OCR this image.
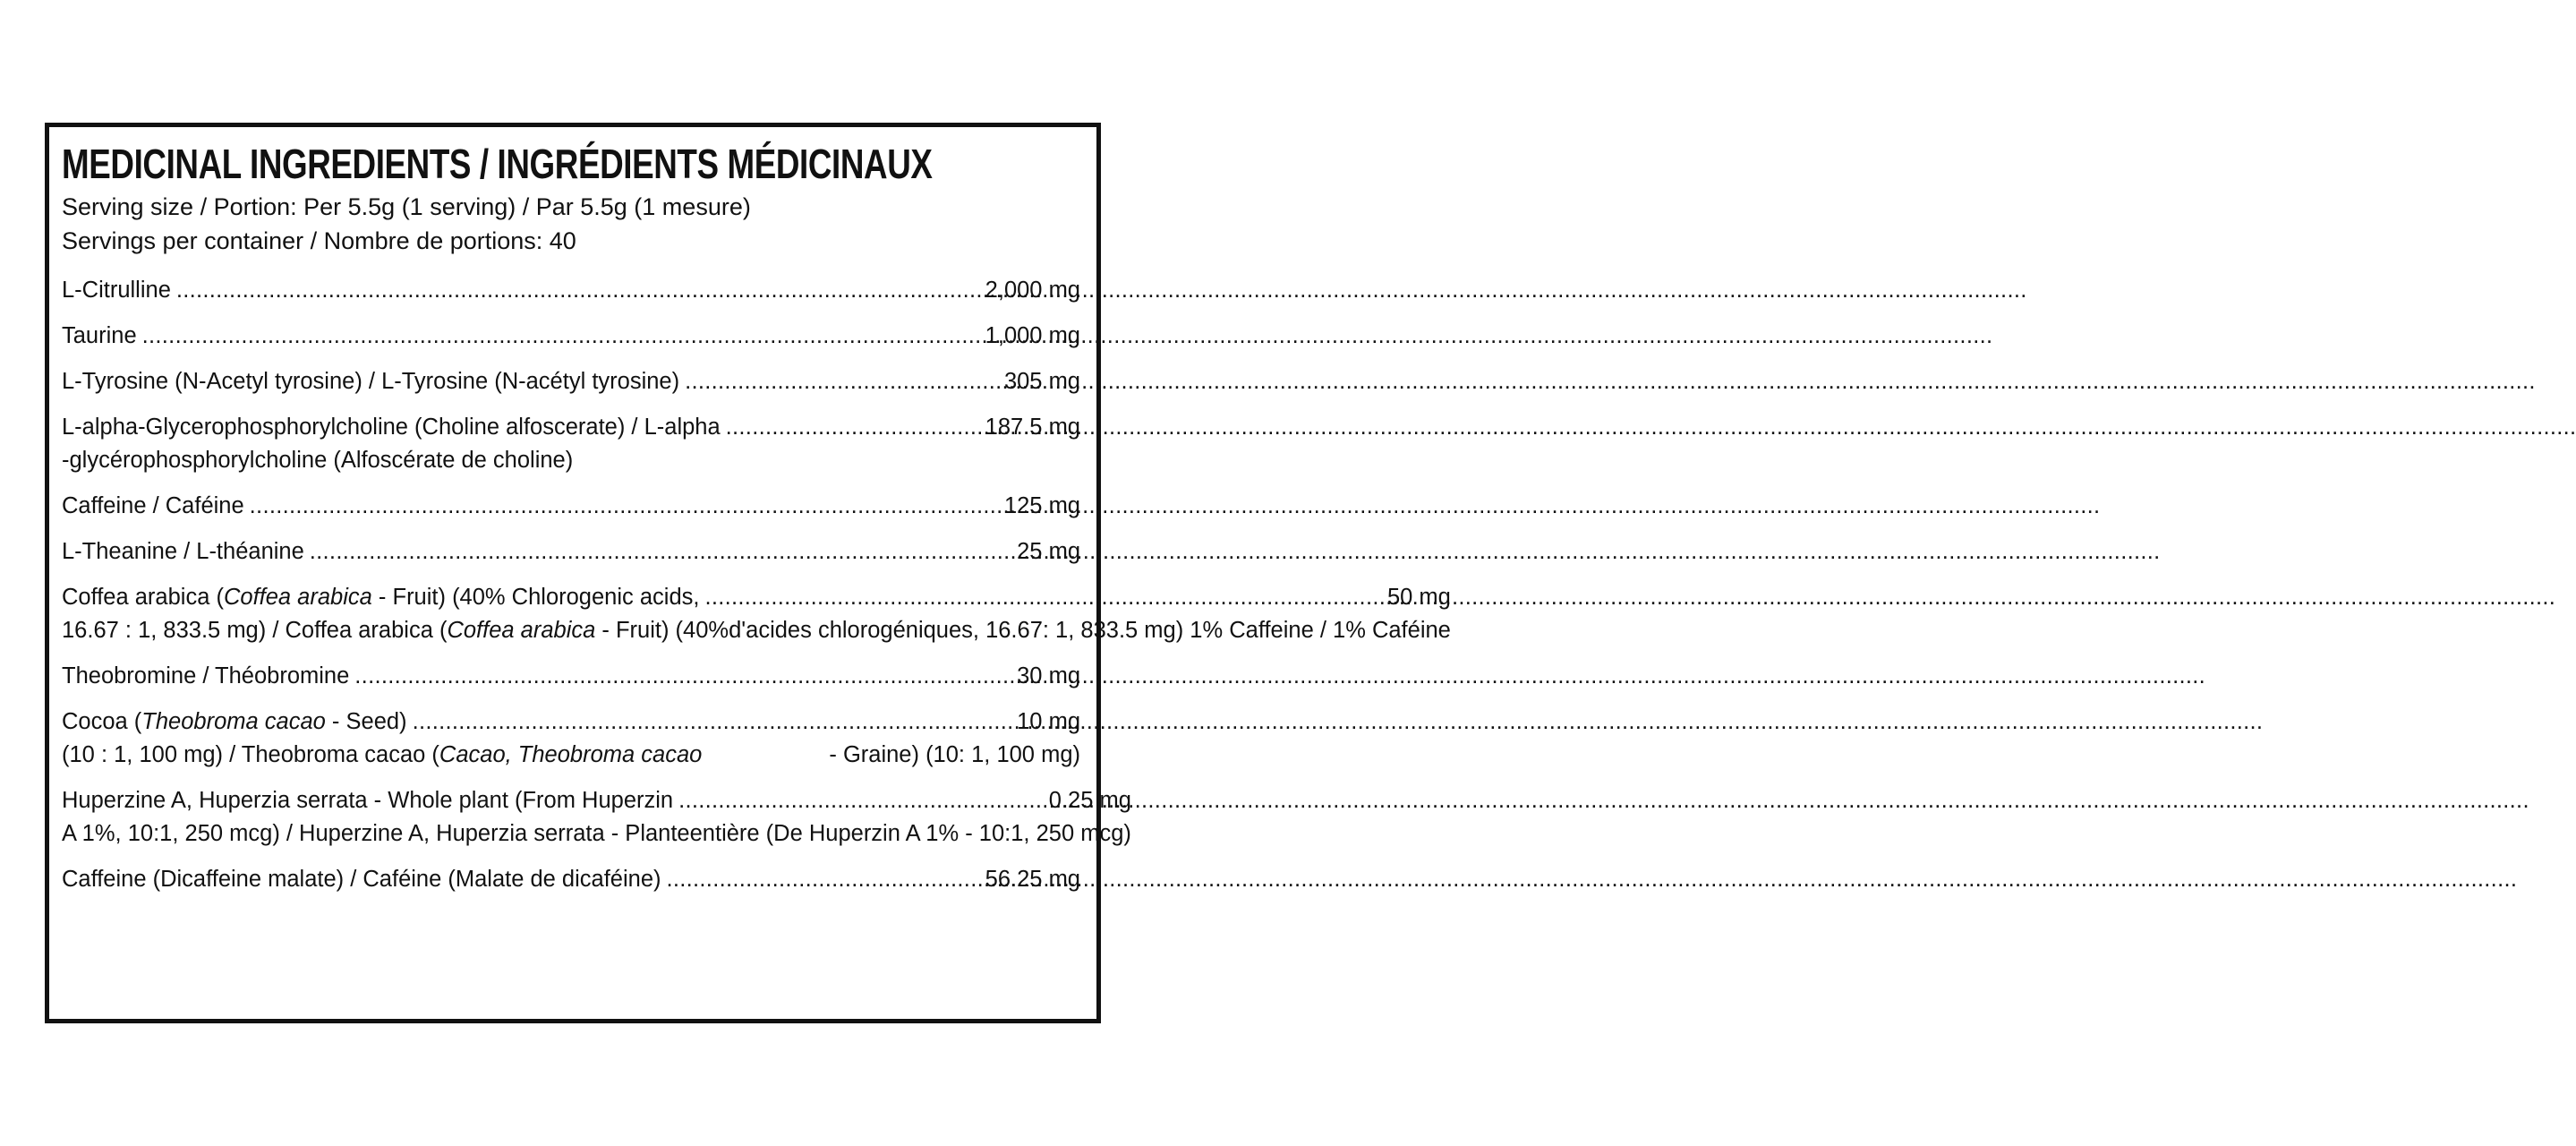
MEDICINAL INGREDIENTS / INGRÉDIENTS MÉDICINAUX
Serving size / Portion: Per 5.5g (1 serving) / Par 5.5g (1 mesure)
Servings per container / Nombre de portions: 40
L-Citrulline .....	2,000 mg
Taurine .....	1,000 mg
L-Tyrosine (N-Acetyl tyrosine) / L-Tyrosine (N-acétyl tyrosine) .....	305 mg
L-alpha-Glycerophosphorylcholine (Choline alfoscerate) / L-alpha .....	187.5 mg
-glycérophosphorylcholine (Alfoscérate de choline)
Caffeine / Caféine .....	125 mg
L-Theanine / L-théanine .....	25 mg
Coffea arabica (Coffea arabica - Fruit) (40% Chlorogenic acids, .....	50 mg
16.67 : 1, 833.5 mg) / Coffea arabica (Coffea arabica - Fruit) (40% d'acides chlorogéniques, 16.67: 1, 833.5 mg) 1% Caffeine / 1% Caféine
Theobromine / Théobromine .....	30 mg
Cocoa (Theobroma cacao - Seed) .....	10 mg
(10 : 1, 100 mg) / Theobroma cacao (Cacao, Theobroma cacao	- Graine) (10: 1, 100 mg)
Huperzine A, Huperzia serrata - Whole plant (From Huperzin .....	0.25 mg
A 1%, 10:1, 250 mcg) / Huperzine A, Huperzia serrata - Plante entière (De Huperzin A 1% - 10:1, 250 mcg)
Caffeine (Dicaffeine malate) / Caféine (Malate de dicaféine) .....	56.25 mg
